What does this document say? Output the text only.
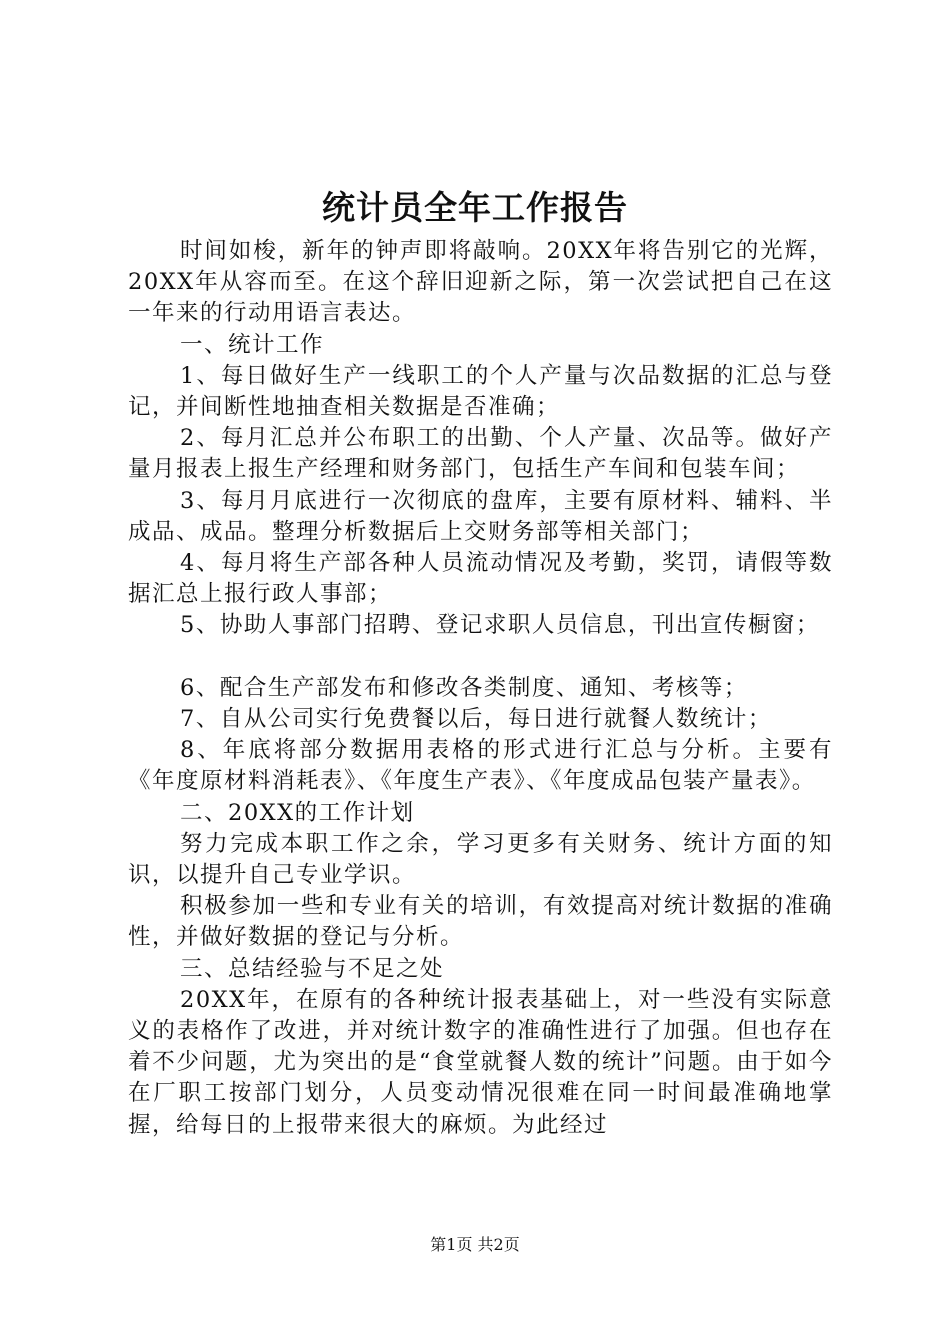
统计员全年工作报告

时间如梭，新年的钟声即将敲响。20XX年将告别它的光辉，20XX年从容而至。在这个辞旧迎新之际，第一次尝试把自己在这一年来的行动用语言表达。

一、统计工作

1、每日做好生产一线职工的个人产量与次品数据的汇总与登记，并间断性地抽查相关数据是否准确；

2、每月汇总并公布职工的出勤、个人产量、次品等。做好产量月报表上报生产经理和财务部门，包括生产车间和包装车间；

3、每月月底进行一次彻底的盘库，主要有原材料、辅料、半成品、成品。整理分析数据后上交财务部等相关部门；

4、每月将生产部各种人员流动情况及考勤，奖罚，请假等数据汇总上报行政人事部；

5、协助人事部门招聘、登记求职人员信息，刊出宣传橱窗；

6、配合生产部发布和修改各类制度、通知、考核等；

7、自从公司实行免费餐以后，每日进行就餐人数统计；

8、年底将部分数据用表格的形式进行汇总与分析。主要有《年度原材料消耗表》、《年度生产表》、《年度成品包装产量表》。

二、20XX的工作计划

努力完成本职工作之余，学习更多有关财务、统计方面的知识，以提升自己专业学识。

积极参加一些和专业有关的培训，有效提高对统计数据的准确性，并做好数据的登记与分析。

三、总结经验与不足之处

20XX年，在原有的各种统计报表基础上，对一些没有实际意义的表格作了改进，并对统计数字的准确性进行了加强。但也存在着不少问题，尤为突出的是“食堂就餐人数的统计”问题。由于如今在厂职工按部门划分，人员变动情况很难在同一时间最准确地掌握，给每日的上报带来很大的麻烦。为此经过

第1页 共2页
